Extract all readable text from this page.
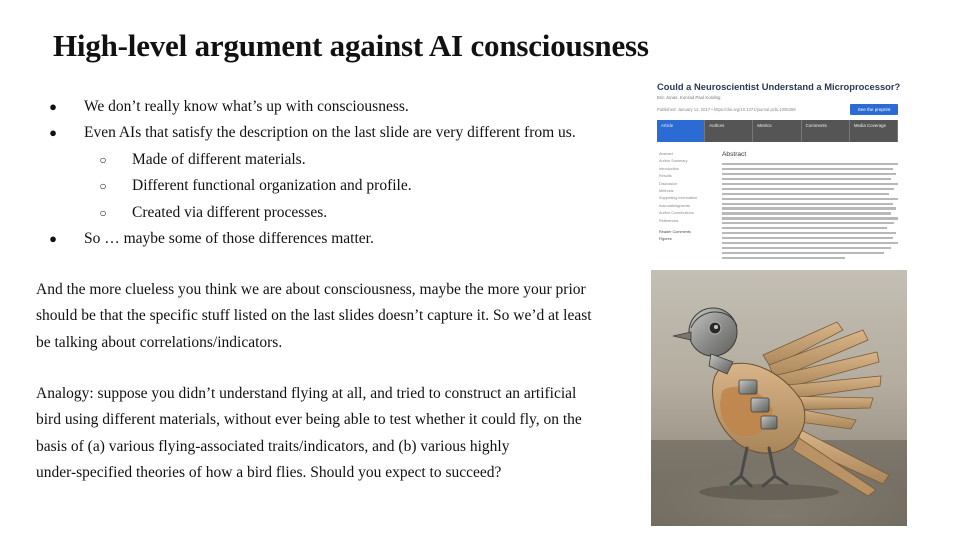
High-level argument against AI consciousness
● We don’t really know what’s up with consciousness.
● Even AIs that satisfy the description on the last slide are very different from us.
○ Made of different materials.
○ Different functional organization and profile.
○ Created via different processes.
● So … maybe some of those differences matter.

And the more clueless you think we are about consciousness, maybe the more your prior
should be that the specific stuff listed on the last slides doesn’t capture it. So we’d at least
be talking about correlations/indicators.

Analogy: suppose you didn’t understand flying at all, and tried to construct an artificial
bird using different materials, without ever being able to test whether it could fly, on the
basis of (a) various flying-associated traits/indicators, and (b) various highly
under-specified theories of how a bird flies. Should you expect to succeed?

Could a Neuroscientist Understand a Microprocessor?
Eric Jonas, Konrad Paul Kording
Published: January 12, 2017 • https://doi.org/10.1371/journal.pcbi.1005268	See the preprint
Article	Authors	Metrics	Comments	Media Coverage
Abstract
Author Summary
Introduction
Results
Discussion
Methods
Supporting information
Acknowledgments
Author Contributions
References
Reader Comments
Figures
Abstract
